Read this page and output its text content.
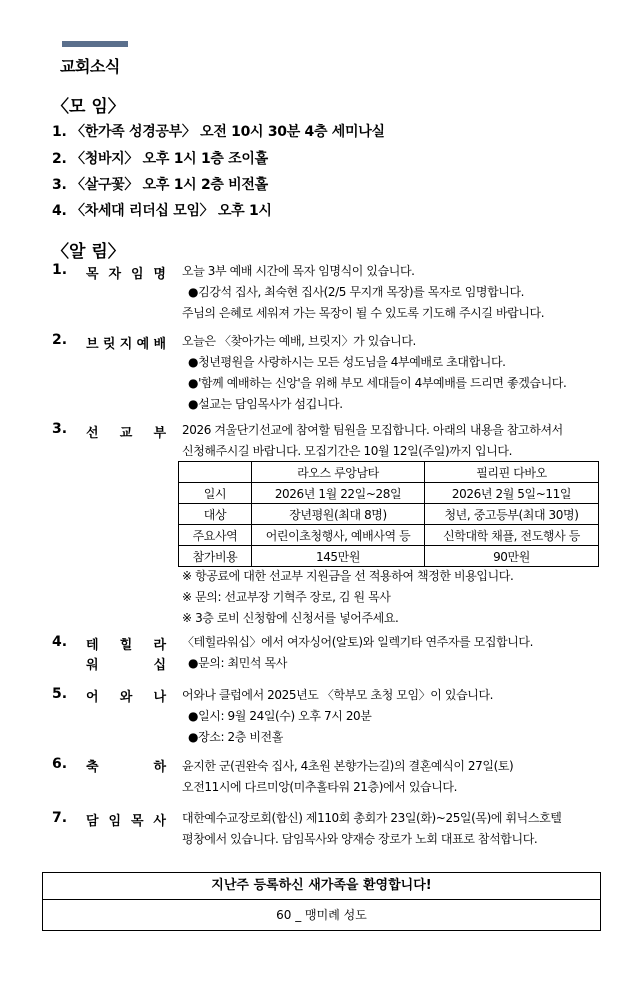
교회소식
〈모 임〉
1. 〈한가족 성경공부〉 오전 10시 30분 4층 세미나실
2. 〈청바지〉 오후 1시 1층 조이홀
3. 〈살구꽃〉 오후 1시 2층 비전홀
4. 〈차세대 리더십 모임〉 오후 1시
〈알 림〉
1. 목 자 임 명 오늘 3부 예배 시간에 목자 임명식이 있습니다.
●김강석 집사, 최숙현 집사(2/5 무지개 목장)를 목자로 임명합니다.
주님의 은혜로 세워져 가는 목장이 될 수 있도록 기도해 주시길 바랍니다.
2. 브 릿 지 예 배 오늘은 〈찾아가는 예배, 브릿지〉가 있습니다.
●청년평원을 사랑하시는 모든 성도님을 4부예배로 초대합니다.
●'함께 예배하는 신앙'을 위해 부모 세대들이 4부예배를 드리면 좋겠습니다.
●설교는 담임목사가 섬깁니다.
3. 선 교 부 2026 겨울단기선교에 참여할 팀원을 모집합니다. 아래의 내용을 참고하셔서
신청해주시길 바랍니다. 모집기간은 10월 12일(주일)까지 입니다.
	라오스 루앙남타	필리핀 다바오
일시	2026년 1월 22일~28일	2026년 2월 5일~11일
대상	장년평원(최대 8명)	청년, 중고등부(최대 30명)
주요사역	어린이초청행사, 예배사역 등	신학대학 채플, 전도행사 등
참가비용	145만원	90만원
※ 항공료에 대한 선교부 지원금을 선 적용하여 책정한 비용입니다.
※ 문의: 선교부장 기혁주 장로, 김 원 목사
※ 3층 로비 신청함에 신청서를 넣어주세요.
4. 테 힐 라
워	십
〈테힐라워십〉에서 여자싱어(알토)와 일렉기타 연주자를 모집합니다.
●문의: 최민석 목사
5. 어 와 나 어와나 클럽에서 2025년도 〈학부모 초청 모임〉이 있습니다.
●일시: 9월 24일(수) 오후 7시 20분
●장소: 2층 비전홀
6. 축	하 윤지한 군(권완숙 집사, 4초원 본향가는길)의 결혼예식이 27일(토)
오전11시에 다르미앙(미추홀타워 21층)에서 있습니다.
7. 담 임 목 사 대한예수교장로회(합신) 제110회 총회가 23일(화)~25일(목)에 휘닉스호텔
평창에서 있습니다. 담임목사와 양재승 장로가 노회 대표로 참석합니다.
지난주 등록하신 새가족을 환영합니다!
60 _ 맹미례 성도
